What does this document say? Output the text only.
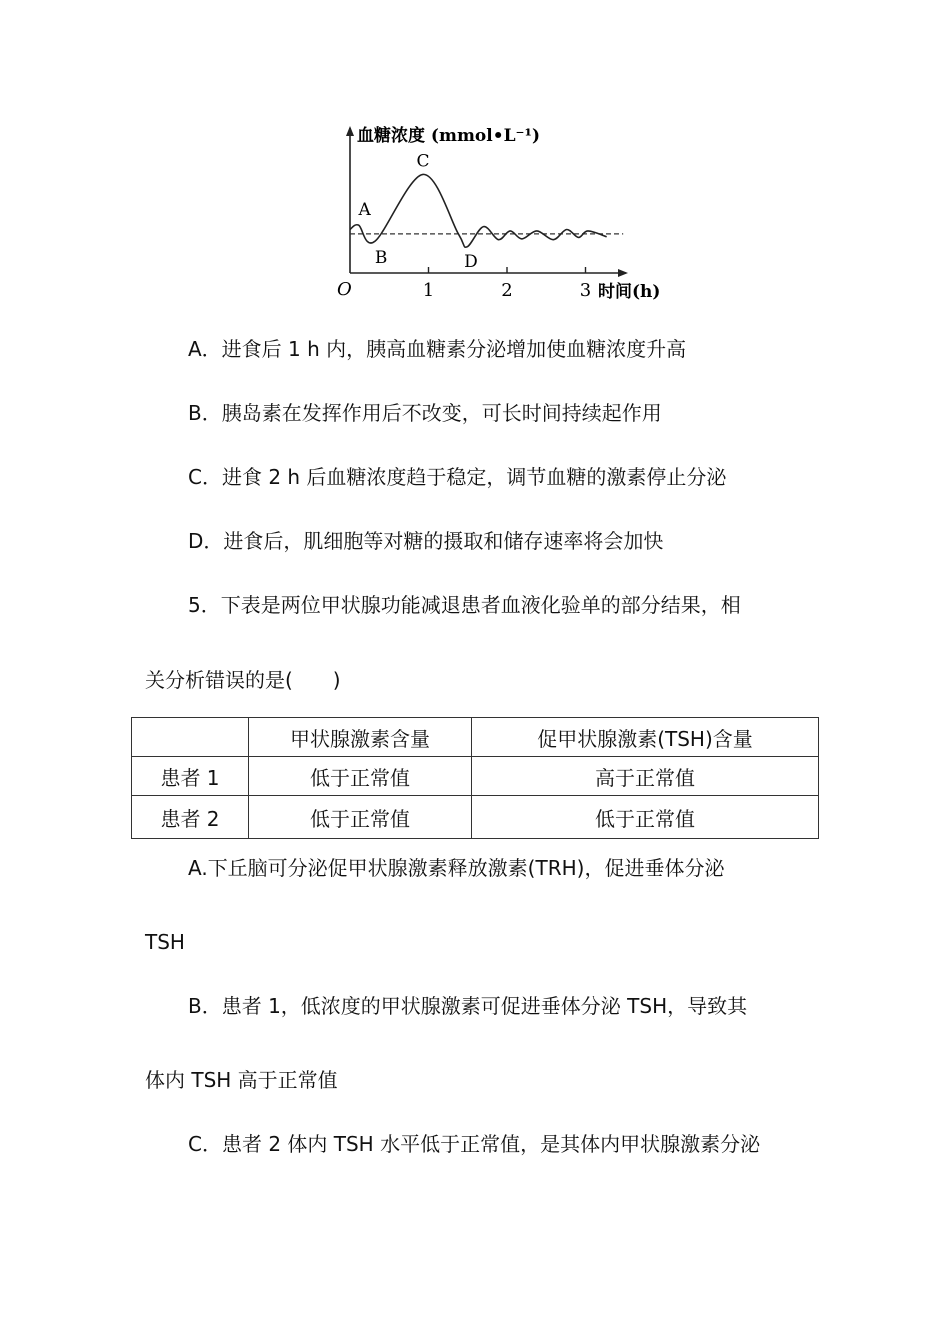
血糖浓度 (mmol•L⁻¹)
O	1	2	3 时间(h)
A
B
C
D
A．进食后 1 h 内，胰高血糖素分泌增加使血糖浓度升高
B．胰岛素在发挥作用后不改变，可长时间持续起作用
C．进食 2 h 后血糖浓度趋于稳定，调节血糖的激素停止分泌
D．进食后，肌细胞等对糖的摄取和储存速率将会加快
5．下表是两位甲状腺功能减退患者血液化验单的部分结果，相
关分析错误的是(　　)
	甲状腺激素含量	促甲状腺激素(TSH)含量
患者 1	低于正常值	高于正常值
患者 2	低于正常值	低于正常值
A.下丘脑可分泌促甲状腺激素释放激素(TRH)，促进垂体分泌
TSH
B．患者 1，低浓度的甲状腺激素可促进垂体分泌 TSH，导致其
体内 TSH 高于正常值
C．患者 2 体内 TSH 水平低于正常值，是其体内甲状腺激素分泌
